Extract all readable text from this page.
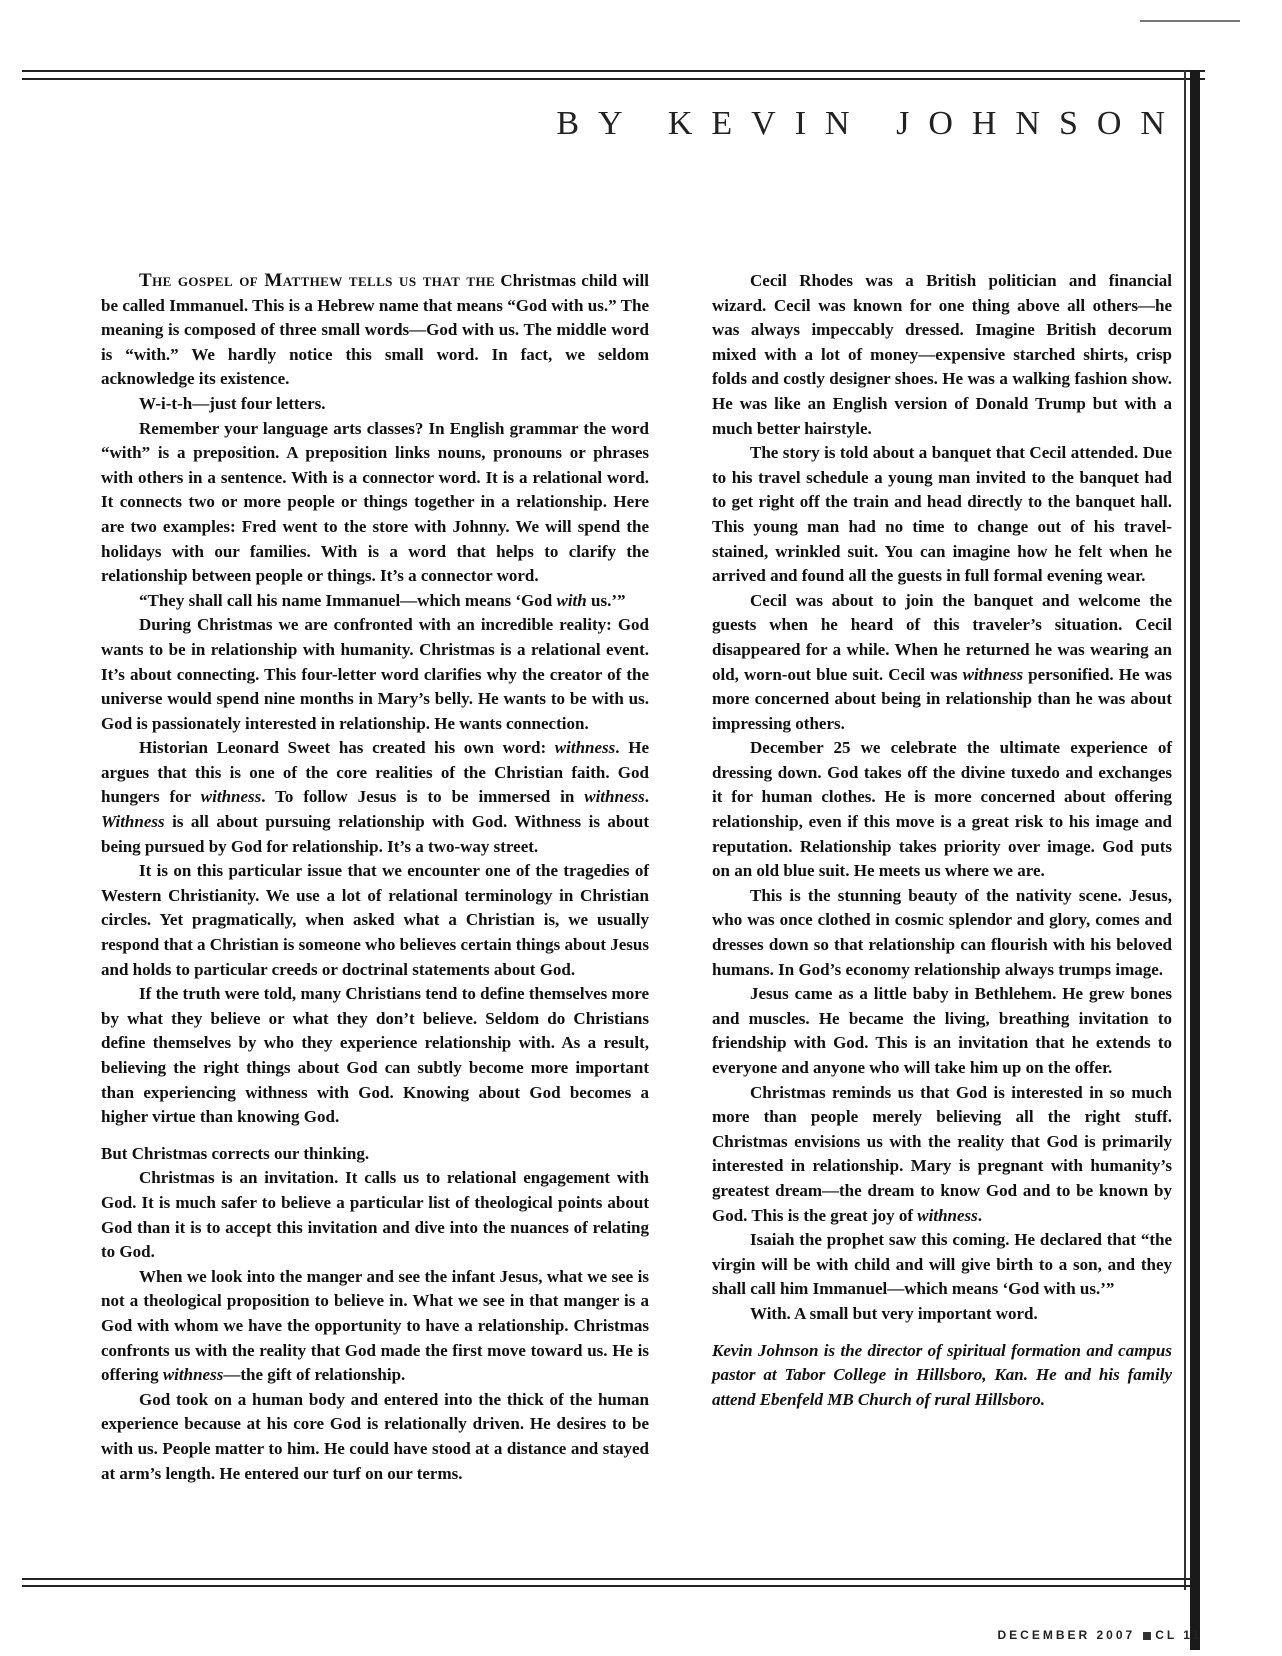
BY KEVIN JOHNSON

The gospel of Matthew tells us that the Christmas child will be called Immanuel. This is a Hebrew name that means “God with us.” The meaning is composed of three small words—God with us. The middle word is “with.” We hardly notice this small word. In fact, we seldom acknowledge its existence.

W-i-t-h—just four letters.

Remember your language arts classes? In English grammar the word “with” is a preposition. A preposition links nouns, pronouns or phrases with others in a sentence. With is a connector word. It is a relational word. It connects two or more people or things together in a relationship. Here are two examples: Fred went to the store with Johnny. We will spend the holidays with our families. With is a word that helps to clarify the relationship between people or things. It’s a connector word.

“They shall call his name Immanuel—which means ‘God with us.’”

During Christmas we are confronted with an incredible reality: God wants to be in relationship with humanity. Christmas is a relational event. It’s about connecting. This four-letter word clarifies why the creator of the universe would spend nine months in Mary’s belly. He wants to be with us. God is passionately interested in relationship. He wants connection.

Historian Leonard Sweet has created his own word: withness. He argues that this is one of the core realities of the Christian faith. God hungers for withness. To follow Jesus is to be immersed in withness. Withness is all about pursuing relationship with God. Withness is about being pursued by God for relationship. It’s a two-way street.

It is on this particular issue that we encounter one of the tragedies of Western Christianity. We use a lot of relational terminology in Christian circles. Yet pragmatically, when asked what a Christian is, we usually respond that a Christian is someone who believes certain things about Jesus and holds to particular creeds or doctrinal statements about God.

If the truth were told, many Christians tend to define themselves more by what they believe or what they don’t believe. Seldom do Christians define themselves by who they experience relationship with. As a result, believing the right things about God can subtly become more important than experiencing withness with God. Knowing about God becomes a higher virtue than knowing God.

But Christmas corrects our thinking.

Christmas is an invitation. It calls us to relational engagement with God. It is much safer to believe a particular list of theological points about God than it is to accept this invitation and dive into the nuances of relating to God.

When we look into the manger and see the infant Jesus, what we see is not a theological proposition to believe in. What we see in that manger is a God with whom we have the opportunity to have a relationship. Christmas confronts us with the reality that God made the first move toward us. He is offering withness—the gift of relationship.

God took on a human body and entered into the thick of the human experience because at his core God is relationally driven. He desires to be with us. People matter to him. He could have stood at a distance and stayed at arm’s length. He entered our turf on our terms.

Cecil Rhodes was a British politician and financial wizard. Cecil was known for one thing above all others—he was always impeccably dressed. Imagine British decorum mixed with a lot of money—expensive starched shirts, crisp folds and costly designer shoes. He was a walking fashion show. He was like an English version of Donald Trump but with a much better hairstyle.

The story is told about a banquet that Cecil attended. Due to his travel schedule a young man invited to the banquet had to get right off the train and head directly to the banquet hall. This young man had no time to change out of his travel-stained, wrinkled suit. You can imagine how he felt when he arrived and found all the guests in full formal evening wear.

Cecil was about to join the banquet and welcome the guests when he heard of this traveler’s situation. Cecil disappeared for a while. When he returned he was wearing an old, worn-out blue suit. Cecil was withness personified. He was more concerned about being in relationship than he was about impressing others.

December 25 we celebrate the ultimate experience of dressing down. God takes off the divine tuxedo and exchanges it for human clothes. He is more concerned about offering relationship, even if this move is a great risk to his image and reputation. Relationship takes priority over image. God puts on an old blue suit. He meets us where we are.

This is the stunning beauty of the nativity scene. Jesus, who was once clothed in cosmic splendor and glory, comes and dresses down so that relationship can flourish with his beloved humans. In God’s economy relationship always trumps image.

Jesus came as a little baby in Bethlehem. He grew bones and muscles. He became the living, breathing invitation to friendship with God. This is an invitation that he extends to everyone and anyone who will take him up on the offer.

Christmas reminds us that God is interested in so much more than people merely believing all the right stuff. Christmas envisions us with the reality that God is primarily interested in relationship. Mary is pregnant with humanity’s greatest dream—the dream to know God and to be known by God. This is the great joy of withness.

Isaiah the prophet saw this coming. He declared that “the virgin will be with child and will give birth to a son, and they shall call him Immanuel—which means ‘God with us.’”

With. A small but very important word.

Kevin Johnson is the director of spiritual formation and campus pastor at Tabor College in Hillsboro, Kan. He and his family attend Ebenfeld MB Church of rural Hillsboro.

DECEMBER 2007 CL 11
